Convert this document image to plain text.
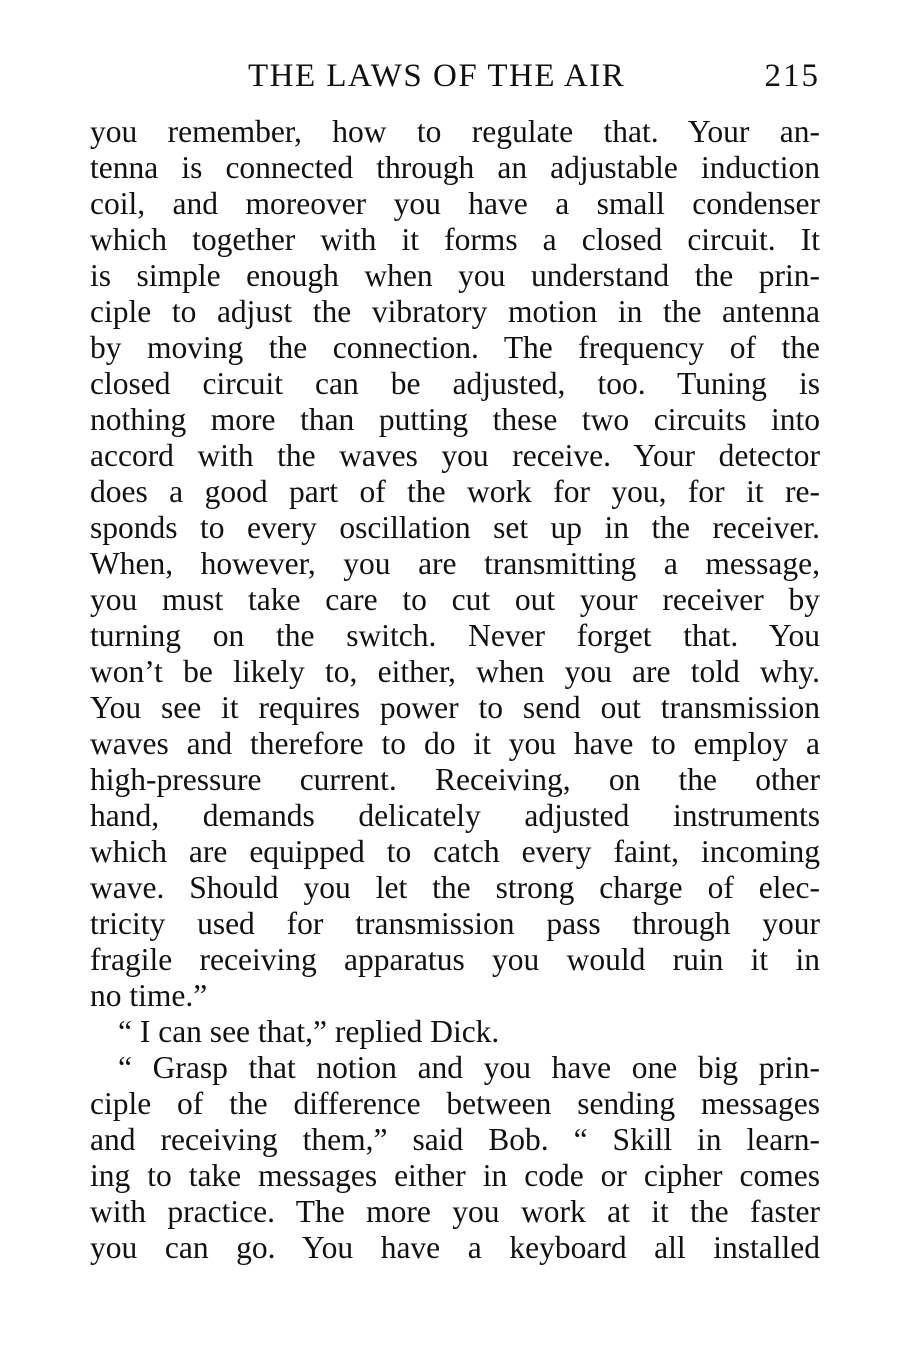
THE LAWS OF THE AIR	215
you remember, how to regulate that. Your an-
tenna is connected through an adjustable induction
coil, and moreover you have a small condenser
which together with it forms a closed circuit. It
is simple enough when you understand the prin-
ciple to adjust the vibratory motion in the antenna
by moving the connection. The frequency of the
closed circuit can be adjusted, too. Tuning is
nothing more than putting these two circuits into
accord with the waves you receive. Your detector
does a good part of the work for you, for it re-
sponds to every oscillation set up in the receiver.
When, however, you are transmitting a message,
you must take care to cut out your receiver by
turning on the switch. Never forget that. You
won’t be likely to, either, when you are told why.
You see it requires power to send out transmission
waves and therefore to do it you have to employ a
high-pressure current. Receiving, on the other
hand, demands delicately adjusted instruments
which are equipped to catch every faint, incoming
wave. Should you let the strong charge of elec-
tricity used for transmission pass through your
fragile receiving apparatus you would ruin it in
no time.”
“ I can see that,” replied Dick.
“ Grasp that notion and you have one big prin-
ciple of the difference between sending messages
and receiving them,” said Bob. “ Skill in learn-
ing to take messages either in code or cipher comes
with practice. The more you work at it the faster
you can go. You have a keyboard all installed
